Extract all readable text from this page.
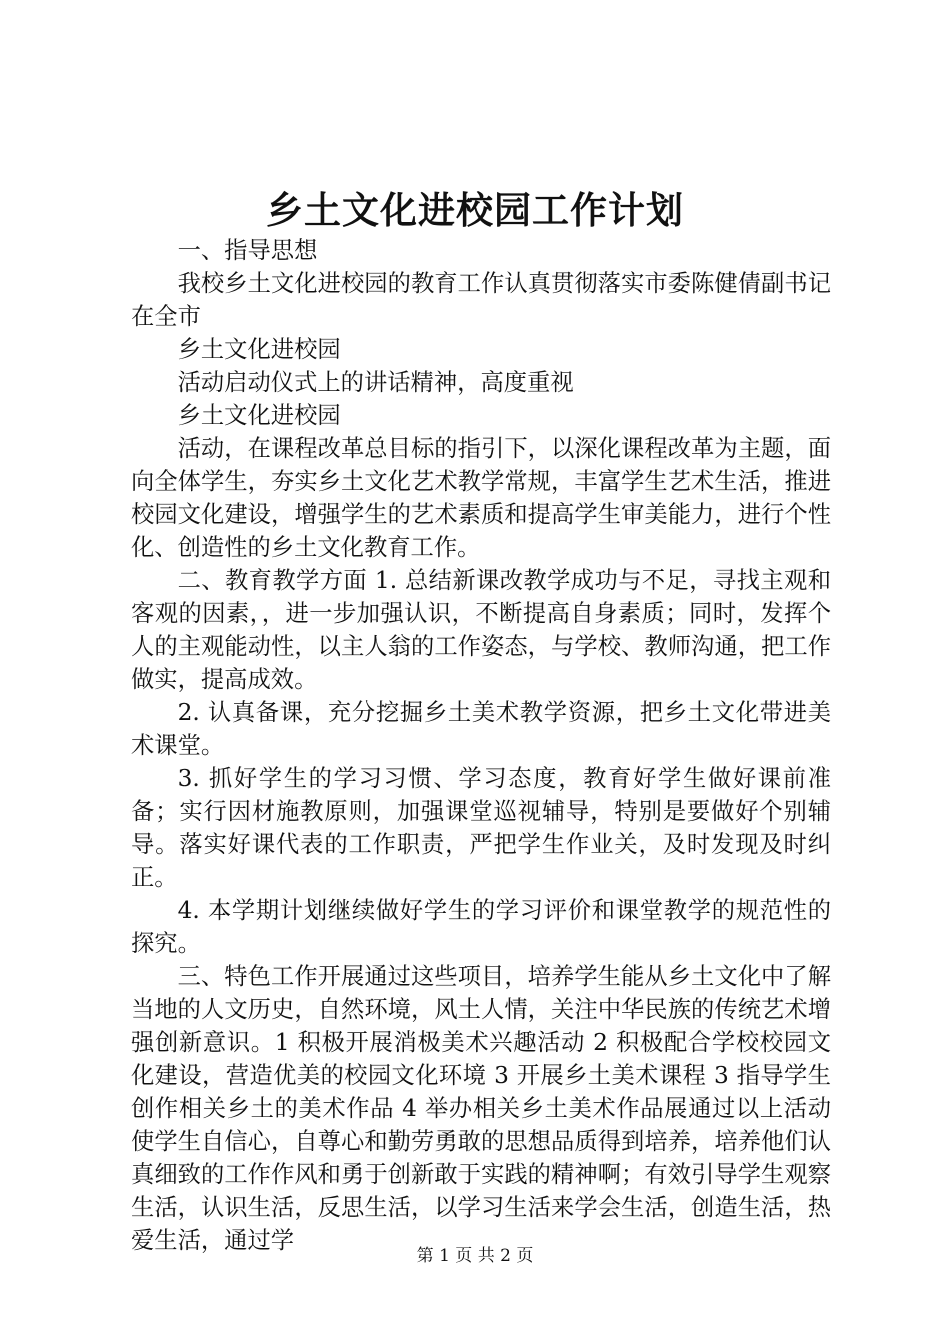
乡土文化进校园工作计划

一、指导思想

我校乡土文化进校园的教育工作认真贯彻落实市委陈健倩副书记在全市

乡土文化进校园

活动启动仪式上的讲话精神，高度重视

乡土文化进校园

活动，在课程改革总目标的指引下，以深化课程改革为主题，面向全体学生，夯实乡土文化艺术教学常规，丰富学生艺术生活，推进校园文化建设，增强学生的艺术素质和提高学生审美能力，进行个性化、创造性的乡土文化教育工作。

二、教育教学方面 1. 总结新课改教学成功与不足，寻找主观和客观的因素，，进一步加强认识，不断提高自身素质；同时，发挥个人的主观能动性，以主人翁的工作姿态，与学校、教师沟通，把工作做实，提高成效。

2. 认真备课，充分挖掘乡土美术教学资源，把乡土文化带进美术课堂。

3. 抓好学生的学习习惯、学习态度，教育好学生做好课前准备；实行因材施教原则，加强课堂巡视辅导，特别是要做好个别辅导。落实好课代表的工作职责，严把学生作业关，及时发现及时纠正。

4. 本学期计划继续做好学生的学习评价和课堂教学的规范性的探究。

三、特色工作开展通过这些项目，培养学生能从乡土文化中了解当地的人文历史，自然环境，风土人情，关注中华民族的传统艺术增强创新意识。1 积极开展消极美术兴趣活动 2 积极配合学校校园文化建设，营造优美的校园文化环境 3 开展乡土美术课程 3 指导学生创作相关乡土的美术作品 4 举办相关乡土美术作品展通过以上活动使学生自信心，自尊心和勤劳勇敢的思想品质得到培养，培养他们认真细致的工作作风和勇于创新敢于实践的精神啊；有效引导学生观察生活，认识生活，反思生活，以学习生活来学会生活，创造生活，热爱生活，通过学

第 1 页 共 2 页
